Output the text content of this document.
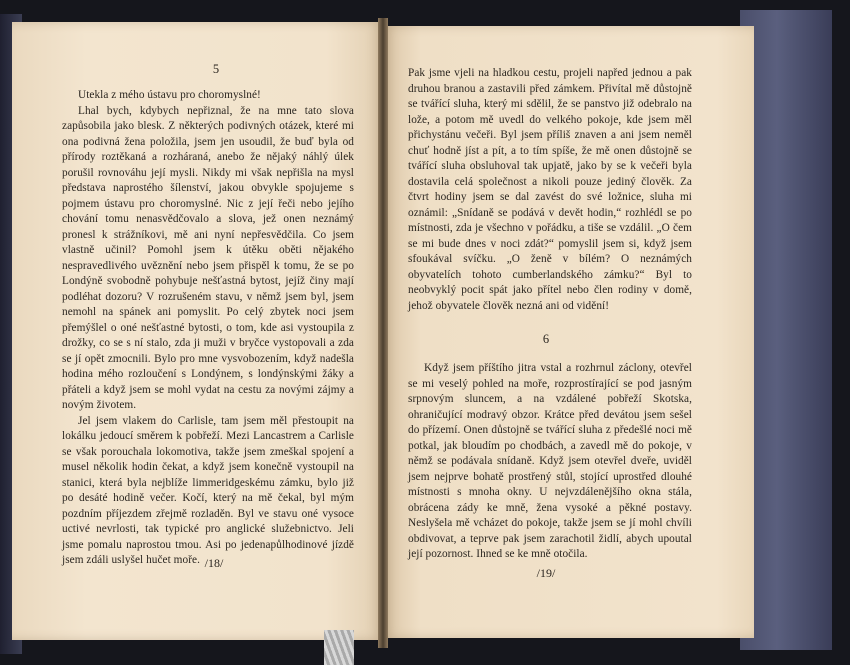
5

Utekla z mého ústavu pro choromyslné!

Lhal bych, kdybych nepřiznal, že na mne tato slova zapůsobila jako blesk. Z některých podivných otázek, které mi ona podivná žena položila, jsem jen usoudil, že buď byla od přírody roztěkaná a rozháraná, anebo že nějaký náhlý úlek porušil rovnováhu její mysli. Nikdy mi však nepřišla na mysl představa naprostého šílenství, jakou obvykle spojujeme s pojmem ústavu pro choromyslné. Nic z její řeči nebo jejího chování tomu nenasvědčovalo a slova, jež onen neznámý pronesl k strážníkovi, mě ani nyní nepřesvědčila. Co jsem vlastně učinil? Pomohl jsem k útěku oběti nějakého nespravedlivého uvěznění nebo jsem přispěl k tomu, že se po Londýně svobodně pohybuje nešťastná bytost, jejíž činy mají podléhat dozoru? V rozrušeném stavu, v němž jsem byl, jsem nemohl na spánek ani pomyslit. Po celý zbytek noci jsem přemýšlel o oné nešťastné bytosti, o tom, kde asi vystoupila z drožky, co se s ní stalo, zda ji muži v bryčce vystopovali a zda se jí opět zmocnili. Bylo pro mne vysvobozením, když nadešla hodina mého rozloučení s Londýnem, s londýnskými žáky a přáteli a když jsem se mohl vydat na cestu za novými zájmy a novým životem.

Jel jsem vlakem do Carlisle, tam jsem měl přestoupit na lokálku jedoucí směrem k pobřeží. Mezi Lancastrem a Carlisle se však porouchala lokomotiva, takže jsem zmeškal spojení a musel několik hodin čekat, a když jsem konečně vystoupil na stanici, která byla nejblíže limmeridgeskému zámku, bylo již po desáté hodině večer. Kočí, který na mě čekal, byl mým pozdním příjezdem zřejmě rozladěn. Byl ve stavu oné vysoce uctivé nevrlosti, tak typické pro anglické služebnictvo. Jeli jsme pomalu naprostou tmou. Asi po jedenapůlhodinové jízdě jsem zdáli uslyšel hučet moře. /18/

Pak jsme vjeli na hladkou cestu, projeli napřed jednou a pak druhou branou a zastavili před zámkem. Přivítal mě důstojně se tvářící sluha, který mi sdělil, že se panstvo již odebralo na lože, a potom mě uvedl do velkého pokoje, kde jsem měl přichystánu večeři. Byl jsem příliš znaven a ani jsem neměl chuť hodně jíst a pít, a to tím spíše, že mě onen důstojně se tvářící sluha obsluhoval tak upjatě, jako by se k večeři byla dostavila celá společnost a nikoli pouze jediný člověk. Za čtvrt hodiny jsem se dal zavést do své ložnice, sluha mi oznámil: „Snídaně se podává v devět hodin,“ rozhlédl se po místnosti, zda je všechno v pořádku, a tiše se vzdálil. „O čem se mi bude dnes v noci zdát?“ pomyslil jsem si, když jsem sfoukával svíčku. „O ženě v bílém? O neznámých obyvatelích tohoto cumberlandského zámku?“ Byl to neobvyklý pocit spát jako přítel nebo člen rodiny v domě, jehož obyvatele člověk nezná ani od vidění!

6

Když jsem příštího jitra vstal a rozhrnul záclony, otevřel se mi veselý pohled na moře, rozprostírající se pod jasným srpnovým sluncem, a na vzdálené pobřeží Skotska, ohraničující modravý obzor. Krátce před devátou jsem sešel do přízemí. Onen důstojně se tvářící sluha z předešlé noci mě potkal, jak bloudím po chodbách, a zavedl mě do pokoje, v němž se podávala snídaně. Když jsem otevřel dveře, uviděl jsem nejprve bohatě prostřený stůl, stojící uprostřed dlouhé místnosti s mnoha okny. U nejvzdálenějšího okna stála, obrácena zády ke mně, žena vysoké a pěkné postavy. Neslyšela mě vcházet do pokoje, takže jsem se jí mohl chvíli obdivovat, a teprve pak jsem zarachotil židlí, abych upoutal její pozornost. Ihned se ke mně otočila.

/19/
